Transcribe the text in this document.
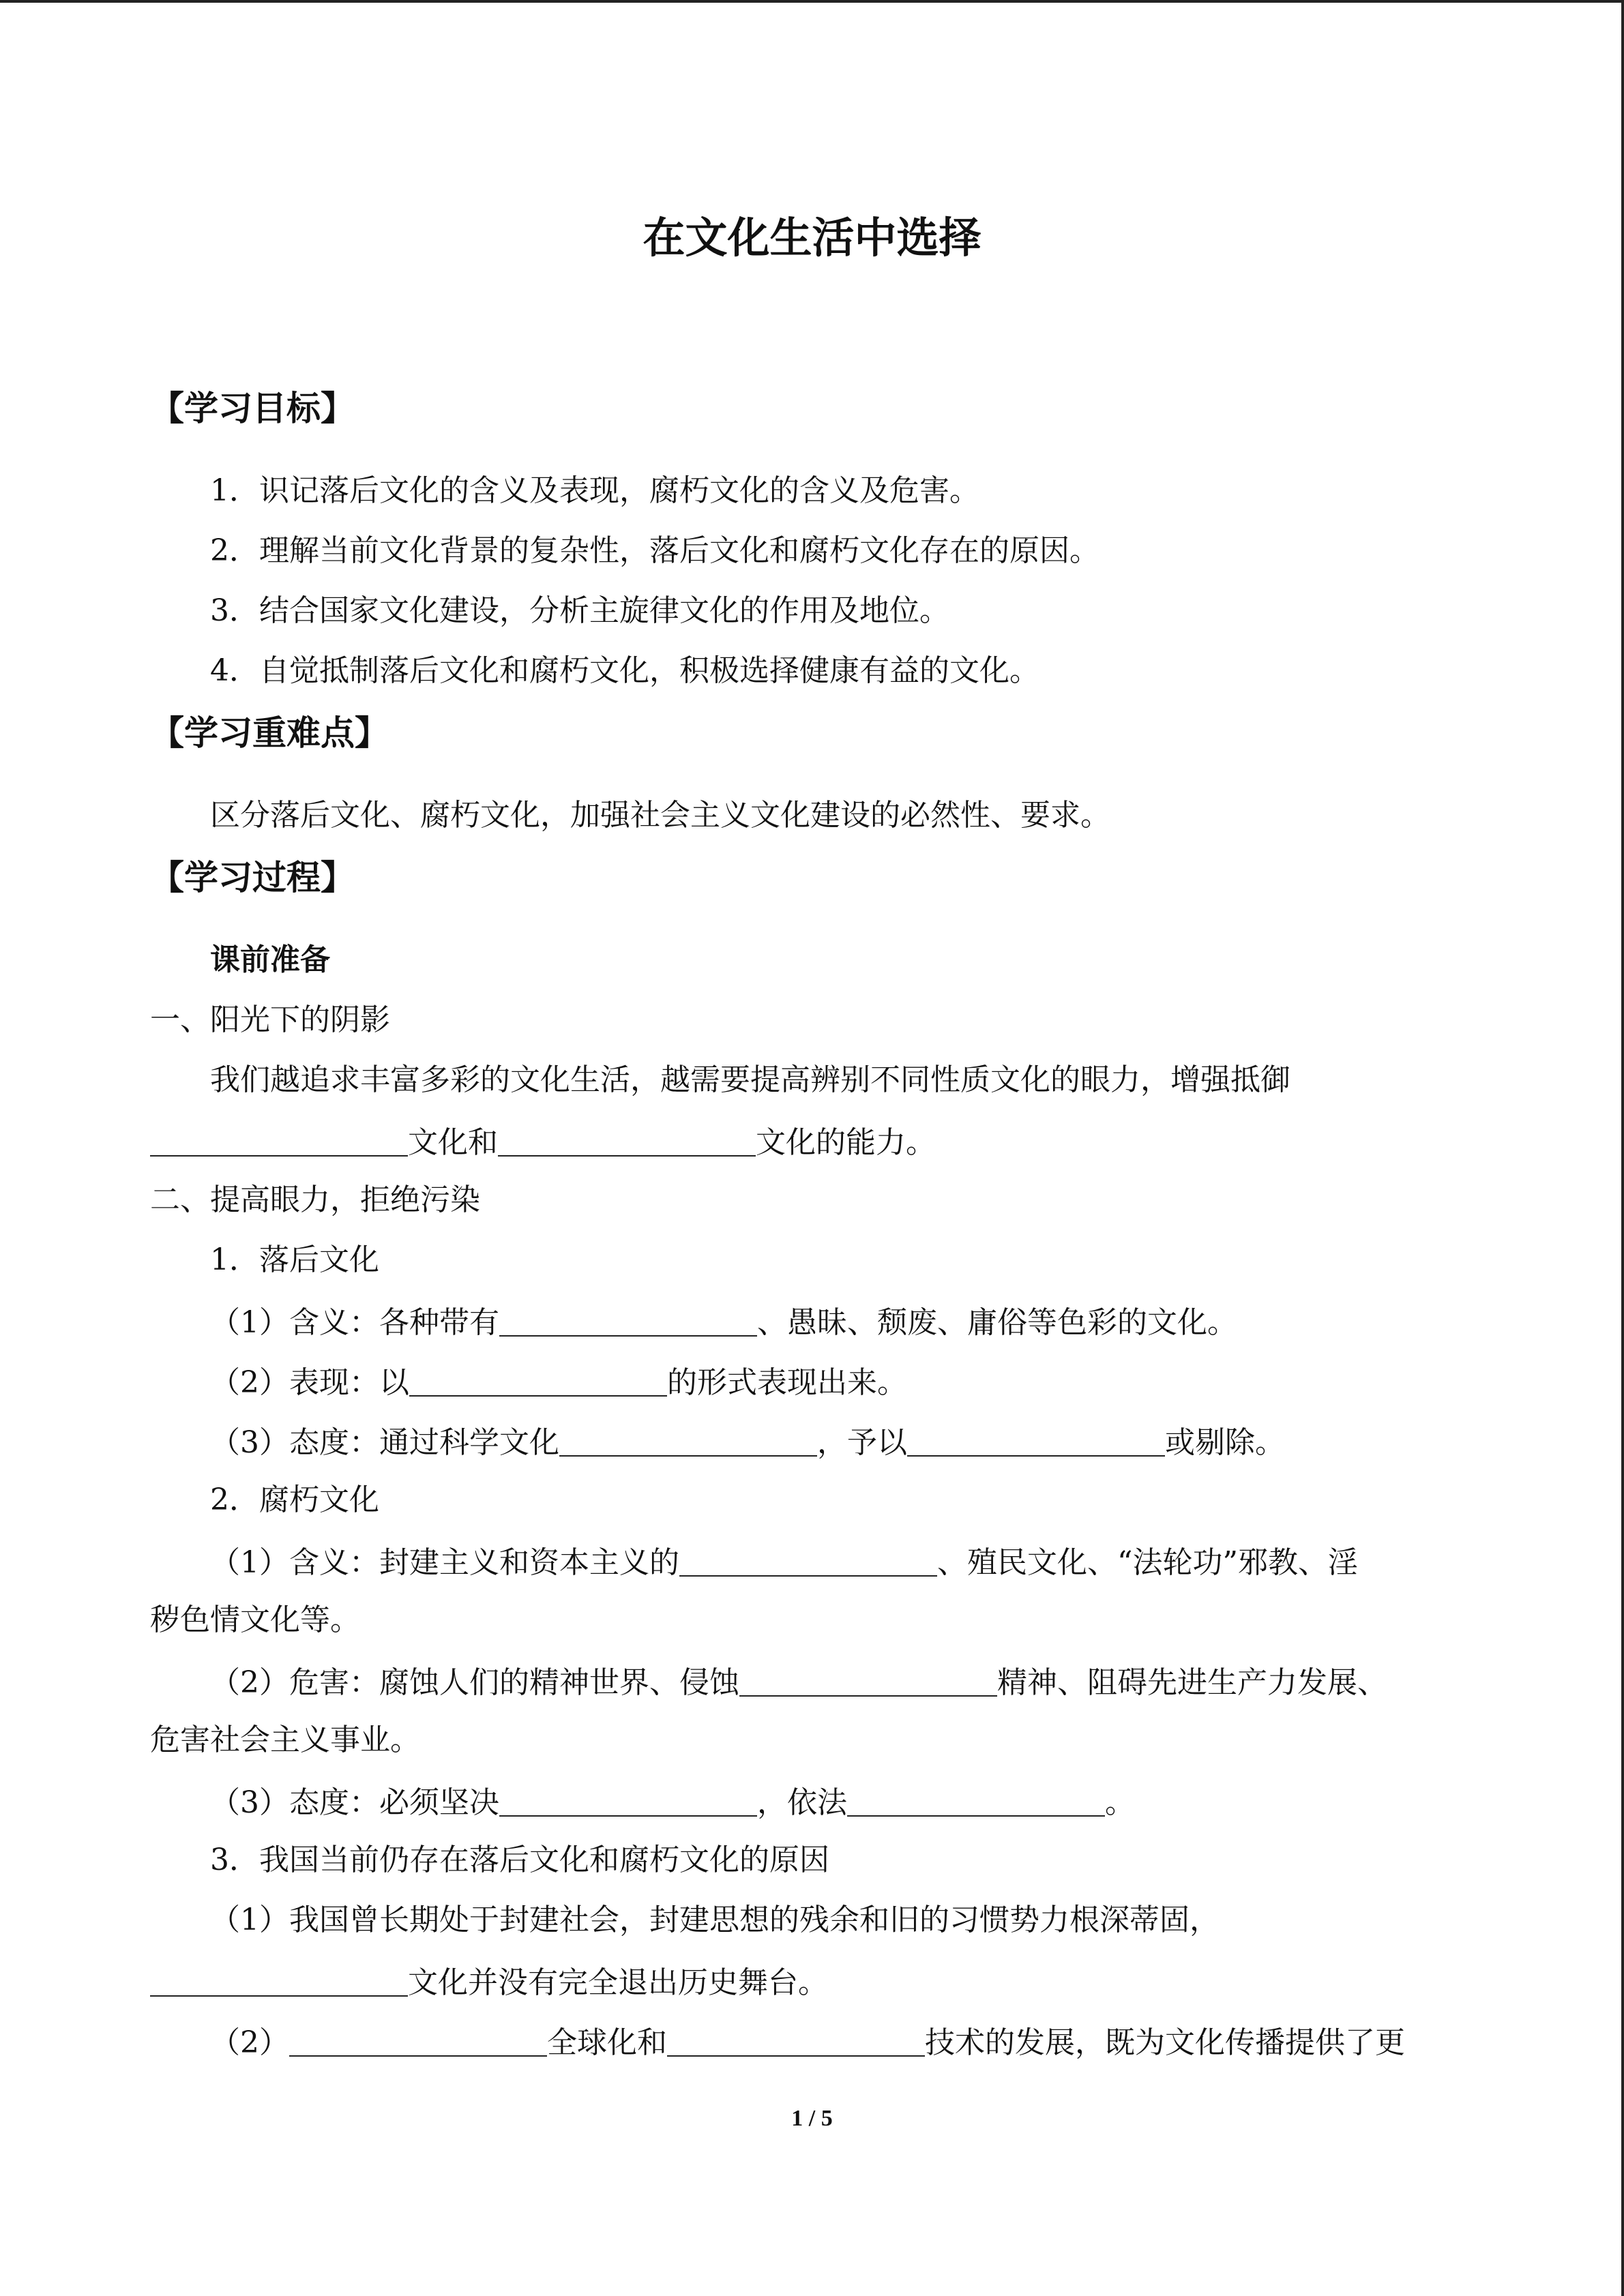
在文化生活中选择
【学习目标】
1．识记落后文化的含义及表现，腐朽文化的含义及危害。
2．理解当前文化背景的复杂性，落后文化和腐朽文化存在的原因。
3．结合国家文化建设，分析主旋律文化的作用及地位。
4．自觉抵制落后文化和腐朽文化，积极选择健康有益的文化。
【学习重难点】
区分落后文化、腐朽文化，加强社会主义文化建设的必然性、要求。
【学习过程】
课前准备
一、阳光下的阴影
我们越追求丰富多彩的文化生活，越需要提高辨别不同性质文化的眼力，增强抵御
文化和	文化的能力。
二、提高眼力，拒绝污染
1．落后文化
（1）含义：各种带有	、愚昧、颓废、庸俗等色彩的文化。
（2）表现：以	的形式表现出来。
（3）态度：通过科学文化	，予以	或剔除。
2．腐朽文化
（1）含义：封建主义和资本主义的	、殖民文化、“法轮功”邪教、淫
秽色情文化等。
（2）危害：腐蚀人们的精神世界、侵蚀	精神、阻碍先进生产力发展、
危害社会主义事业。
（3）态度：必须坚决	，依法	。
3．我国当前仍存在落后文化和腐朽文化的原因
（1）我国曾长期处于封建社会，封建思想的残余和旧的习惯势力根深蒂固，
文化并没有完全退出历史舞台。
（2）	全球化和	技术的发展，既为文化传播提供了更
1 / 5
